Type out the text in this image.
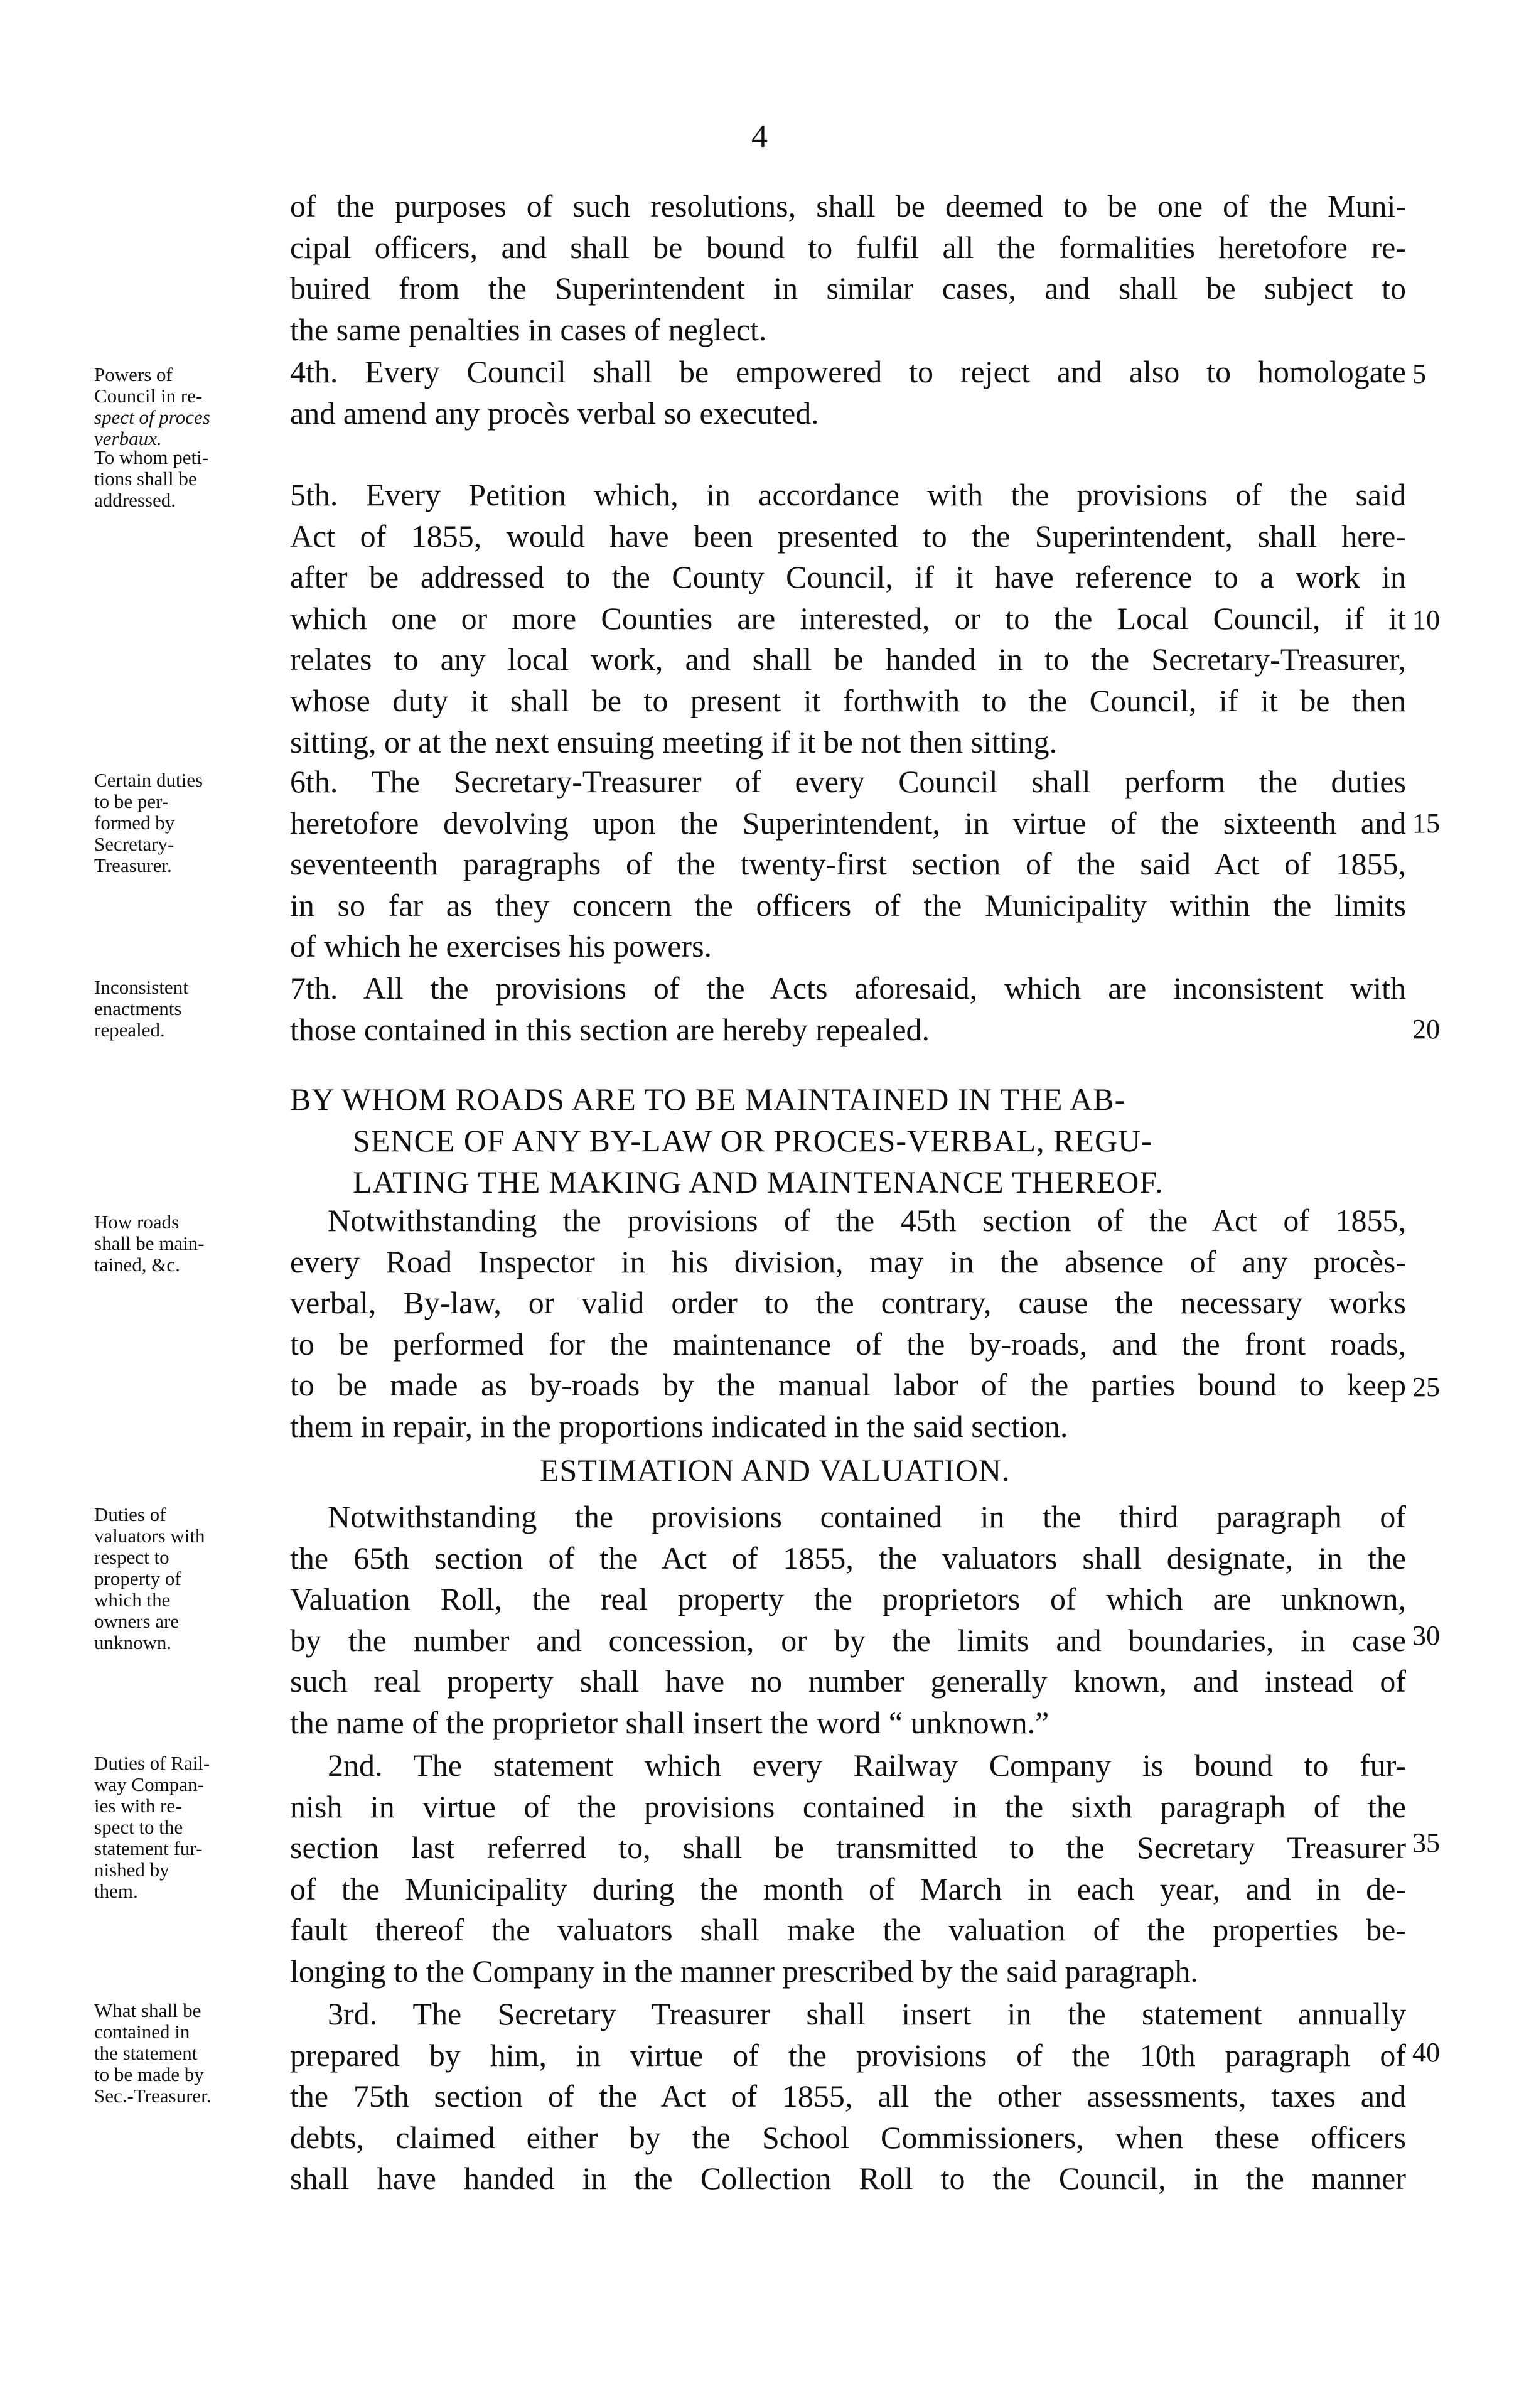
4

of the purposes of such resolutions, shall be deemed to be one of the Muni-
cipal officers, and shall be bound to fulfil all the formalities heretofore re-
buired from the Superintendent in similar cases, and shall be subject to
the same penalties in cases of neglect.

Powers of
Council in re-
spect of proces
verbaux.

4th. Every Council shall be empowered to reject and also to homologate
and amend any procès verbal so executed.

5
To whom peti-
tions shall be
addressed.	5th. Every Petition which, in accordance with the provisions of the said
Act of 1855, would have been presented to the Superintendent, shall here-
after be addressed to the County Council, if it have reference to a work in
which one or more Counties are interested, or to the Local Council, if it
relates to any local work, and shall be handed in to the Secretary-Treasurer,
whose duty it shall be to present it forthwith to the Council, if it be then
sitting, or at the next ensuing meeting if it be not then sitting.

10
Certain duties
to be per-
formed by
Secretary-
Treasurer.

6th. The Secretary-Treasurer of every Council shall perform the duties
heretofore devolving upon the Superintendent, in virtue of the sixteenth and
seventeenth paragraphs of the twenty-first section of the said Act of 1855,
in so far as they concern the officers of the Municipality within the limits
of which he exercises his powers.

15
Inconsistent
enactments
repealed.

7th. All the provisions of the Acts aforesaid, which are inconsistent with
those contained in this section are hereby repealed.	20
BY WHOM ROADS ARE TO BE MAINTAINED IN THE AB-
SENCE OF ANY BY-LAW OR PROCES-VERBAL, REGU-
LATING THE MAKING AND MAINTENANCE THEREOF.
How roads
shall be main-
tained, &c.

Notwithstanding the provisions of the 45th section of the Act of 1855,
every Road Inspector in his division, may in the absence of any procès-
verbal, By-law, or valid order to the contrary, cause the necessary works
to be performed for the maintenance of the by-roads, and the front roads,
to be made as by-roads by the manual labor of the parties bound to keep
them in repair, in the proportions indicated in the said section.

25
ESTIMATION AND VALUATION.
Duties of
valuators with
respect to
property of
which the
owners are
unknown.

Notwithstanding the provisions contained in the third paragraph of
the 65th section of the Act of 1855, the valuators shall designate, in the
Valuation Roll, the real property the proprietors of which are unknown,
by the number and concession, or by the limits and boundaries, in case
such real property shall have no number generally known, and instead of
the name of the proprietor shall insert the word “ unknown.”

30
Duties of Rail-
way Compan-
ies with re-
spect to the
statement fur-
nished by
them.

2nd. The statement which every Railway Company is bound to fur-
nish in virtue of the provisions contained in the sixth paragraph of the
section last referred to, shall be transmitted to the Secretary Treasurer
of the Municipality during the month of March in each year, and in de-
fault thereof the valuators shall make the valuation of the properties be-
longing to the Company in the manner prescribed by the said paragraph.

35
What shall be
contained in
the statement
to be made by
Sec.-Treasurer.

3rd. The Secretary Treasurer shall insert in the statement annually
prepared by him, in virtue of the provisions of the 10th paragraph of
the 75th section of the Act of 1855, all the other assessments, taxes and
debts, claimed either by the School Commissioners, when these officers
shall have handed in the Collection Roll to the Council, in the manner

40
